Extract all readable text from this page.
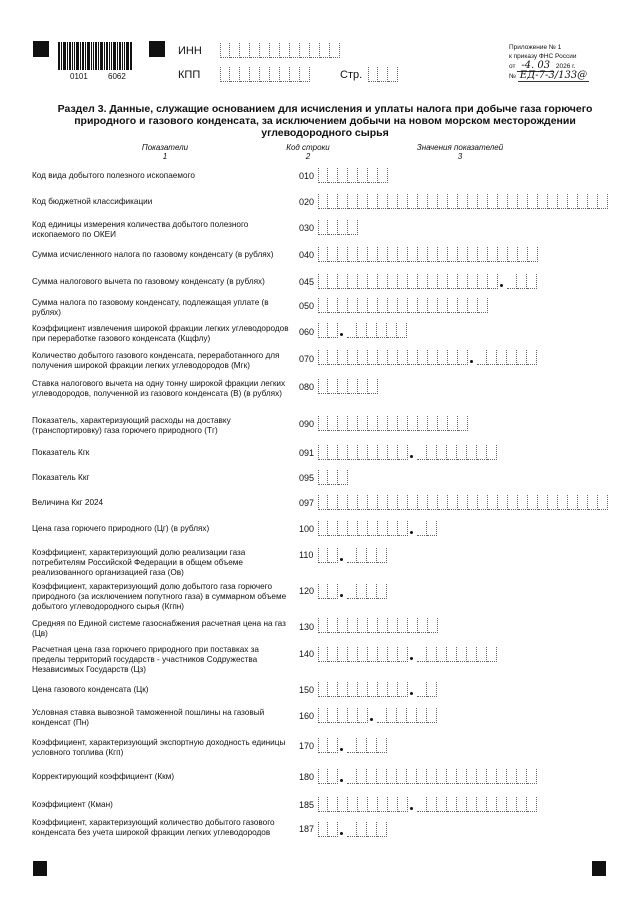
0101	6062
ИНН
КПП	Стр.
Приложение № 1
к приказу ФНС России
от -4. 03 2026 г.
№ ЕД-7-3/133@
Раздел 3. Данные, служащие основанием для исчисления и уплаты налога при добыче газа горючего природного и газового конденсата, за исключением добычи на новом морском месторождении углеводородного сырья
Показатели
1
Код строки
2
Значения показателей
3
Код вида добытого полезного ископаемого	010
Код бюджетной классификации	020
Код единицы измерения количества добытого полезного ископаемого по ОКЕИ
030
Сумма исчисленного налога по газовому конденсату (в рублях)	040
Сумма налогового вычета по газовому конденсату (в рублях)	045
Сумма налога по газовому конденсату, подлежащая уплате (в рублях)
050
Коэффициент извлечения широкой фракции легких углеводородов при переработке газового конденсата (Кщфлу)
060
Количество добытого газового конденсата, переработанного для получения широкой фракции легких углеводородов (Мгк)
070
Ставка налогового вычета на одну тонну широкой фракции легких углеводородов, полученной из газового конденсата (В) (в рублях)
080
Показатель, характеризующий расходы на доставку (транспортировку) газа горючего природного (Тг)
090
Показатель Кгк	091
Показатель Ккг	095
Величина Ккг 2024	097
Цена газа горючего природного (Цг) (в рублях)	100
Коэффициент, характеризующий долю реализации газа потребителям Российской Федерации в общем объеме реализованного организацией газа (Ов)
110
Коэффициент, характеризующий долю добытого газа горючего природного (за исключением попутного газа) в суммарном объеме добытого углеводородного сырья (Кгпн)
120
Средняя по Единой системе газоснабжения расчетная цена на газ (Цв)
130
Расчетная цена газа горючего природного при поставках за пределы территорий государств - участников Содружества Независимых Государств (Цз)
140
Цена газового конденсата (Цк)	150
Условная ставка вывозной таможенной пошлины на газовый конденсат (Пн)
160
Коэффициент, характеризующий экспортную доходность единицы условного топлива (Кгп)
170
Корректирующий коэффициент (Ккм)	180
Коэффициент (Кман)	185
Коэффициент, характеризующий количество добытого газового конденсата без учета широкой фракции легких углеводородов	187
